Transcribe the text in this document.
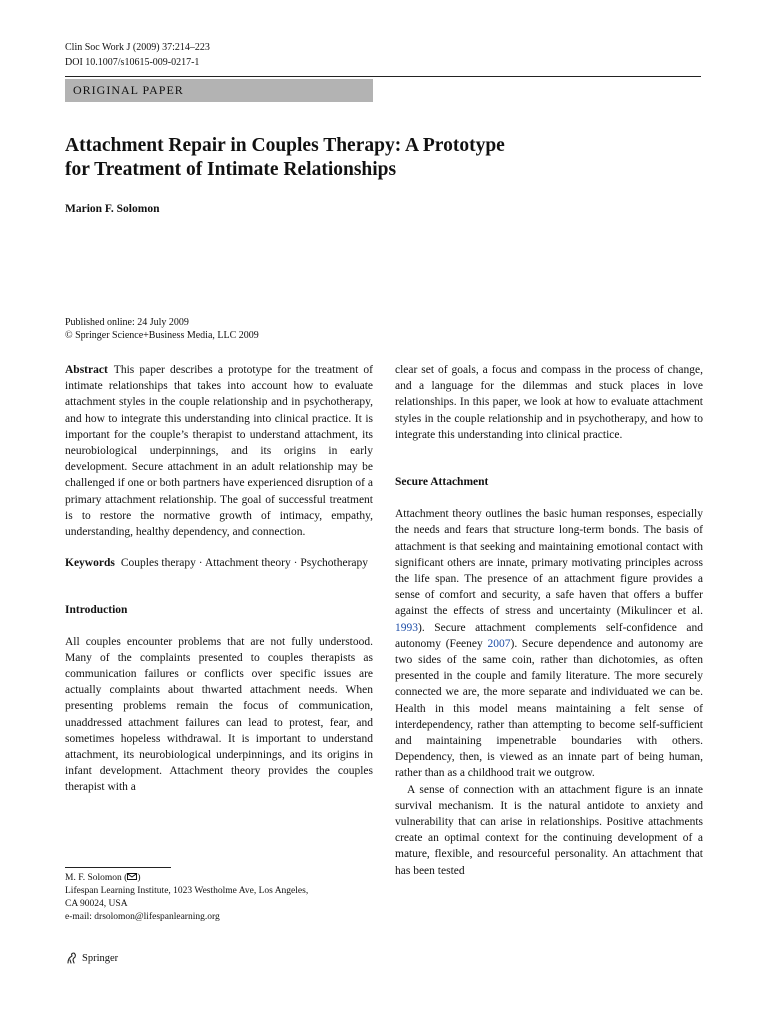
Clin Soc Work J (2009) 37:214–223
DOI 10.1007/s10615-009-0217-1
ORIGINAL PAPER
Attachment Repair in Couples Therapy: A Prototype
for Treatment of Intimate Relationships
Marion F. Solomon
Published online: 24 July 2009
© Springer Science+Business Media, LLC 2009

Abstract This paper describes a prototype for the treatment of intimate relationships that takes into account how to evaluate attachment styles in the couple relationship and in psychotherapy, and how to integrate this understanding into clinical practice. It is important for the couple’s therapist to understand attachment, its neurobiological underpinnings, and its origins in early development. Secure attachment in an adult relationship may be challenged if one or both partners have experienced disruption of a primary attachment relationship. The goal of successful treatment is to restore the normative growth of intimacy, empathy, understanding, healthy dependency, and connection.

Keywords Couples therapy · Attachment theory · Psychotherapy

Introduction

All couples encounter problems that are not fully understood. Many of the complaints presented to couples therapists as communication failures or conflicts over specific issues are actually complaints about thwarted attachment needs. When presenting problems remain the focus of communication, unaddressed attachment failures can lead to protest, fear, and sometimes hopeless withdrawal. It is important to understand attachment, its neurobiological underpinnings, and its origins in infant development. Attachment theory provides the couples therapist with a

clear set of goals, a focus and compass in the process of change, and a language for the dilemmas and stuck places in love relationships. In this paper, we look at how to evaluate attachment styles in the couple relationship and in psychotherapy, and how to integrate this understanding into clinical practice.

Secure Attachment

Attachment theory outlines the basic human responses, especially the needs and fears that structure long-term bonds. The basis of attachment is that seeking and maintaining emotional contact with significant others are innate, primary motivating principles across the life span. The presence of an attachment figure provides a sense of comfort and security, a safe haven that offers a buffer against the effects of stress and uncertainty (Mikulincer et al. 1993). Secure attachment complements self-confidence and autonomy (Feeney 2007). Secure dependence and autonomy are two sides of the same coin, rather than dichotomies, as often presented in the couple and family literature. The more securely connected we are, the more separate and individuated we can be. Health in this model means maintaining a felt sense of interdependency, rather than attempting to become self-sufficient and maintaining impenetrable boundaries with others. Dependency, then, is viewed as an innate part of being human, rather than as a childhood trait we outgrow.

A sense of connection with an attachment figure is an innate survival mechanism. It is the natural antidote to anxiety and vulnerability that can arise in relationships. Positive attachments create an optimal context for the continuing development of a mature, flexible, and resourceful personality. An attachment that has been tested

M. F. Solomon ( )
Lifespan Learning Institute, 1023 Westholme Ave, Los Angeles,
CA 90024, USA
e-mail: drsolomon@lifespanlearning.org
Springer
